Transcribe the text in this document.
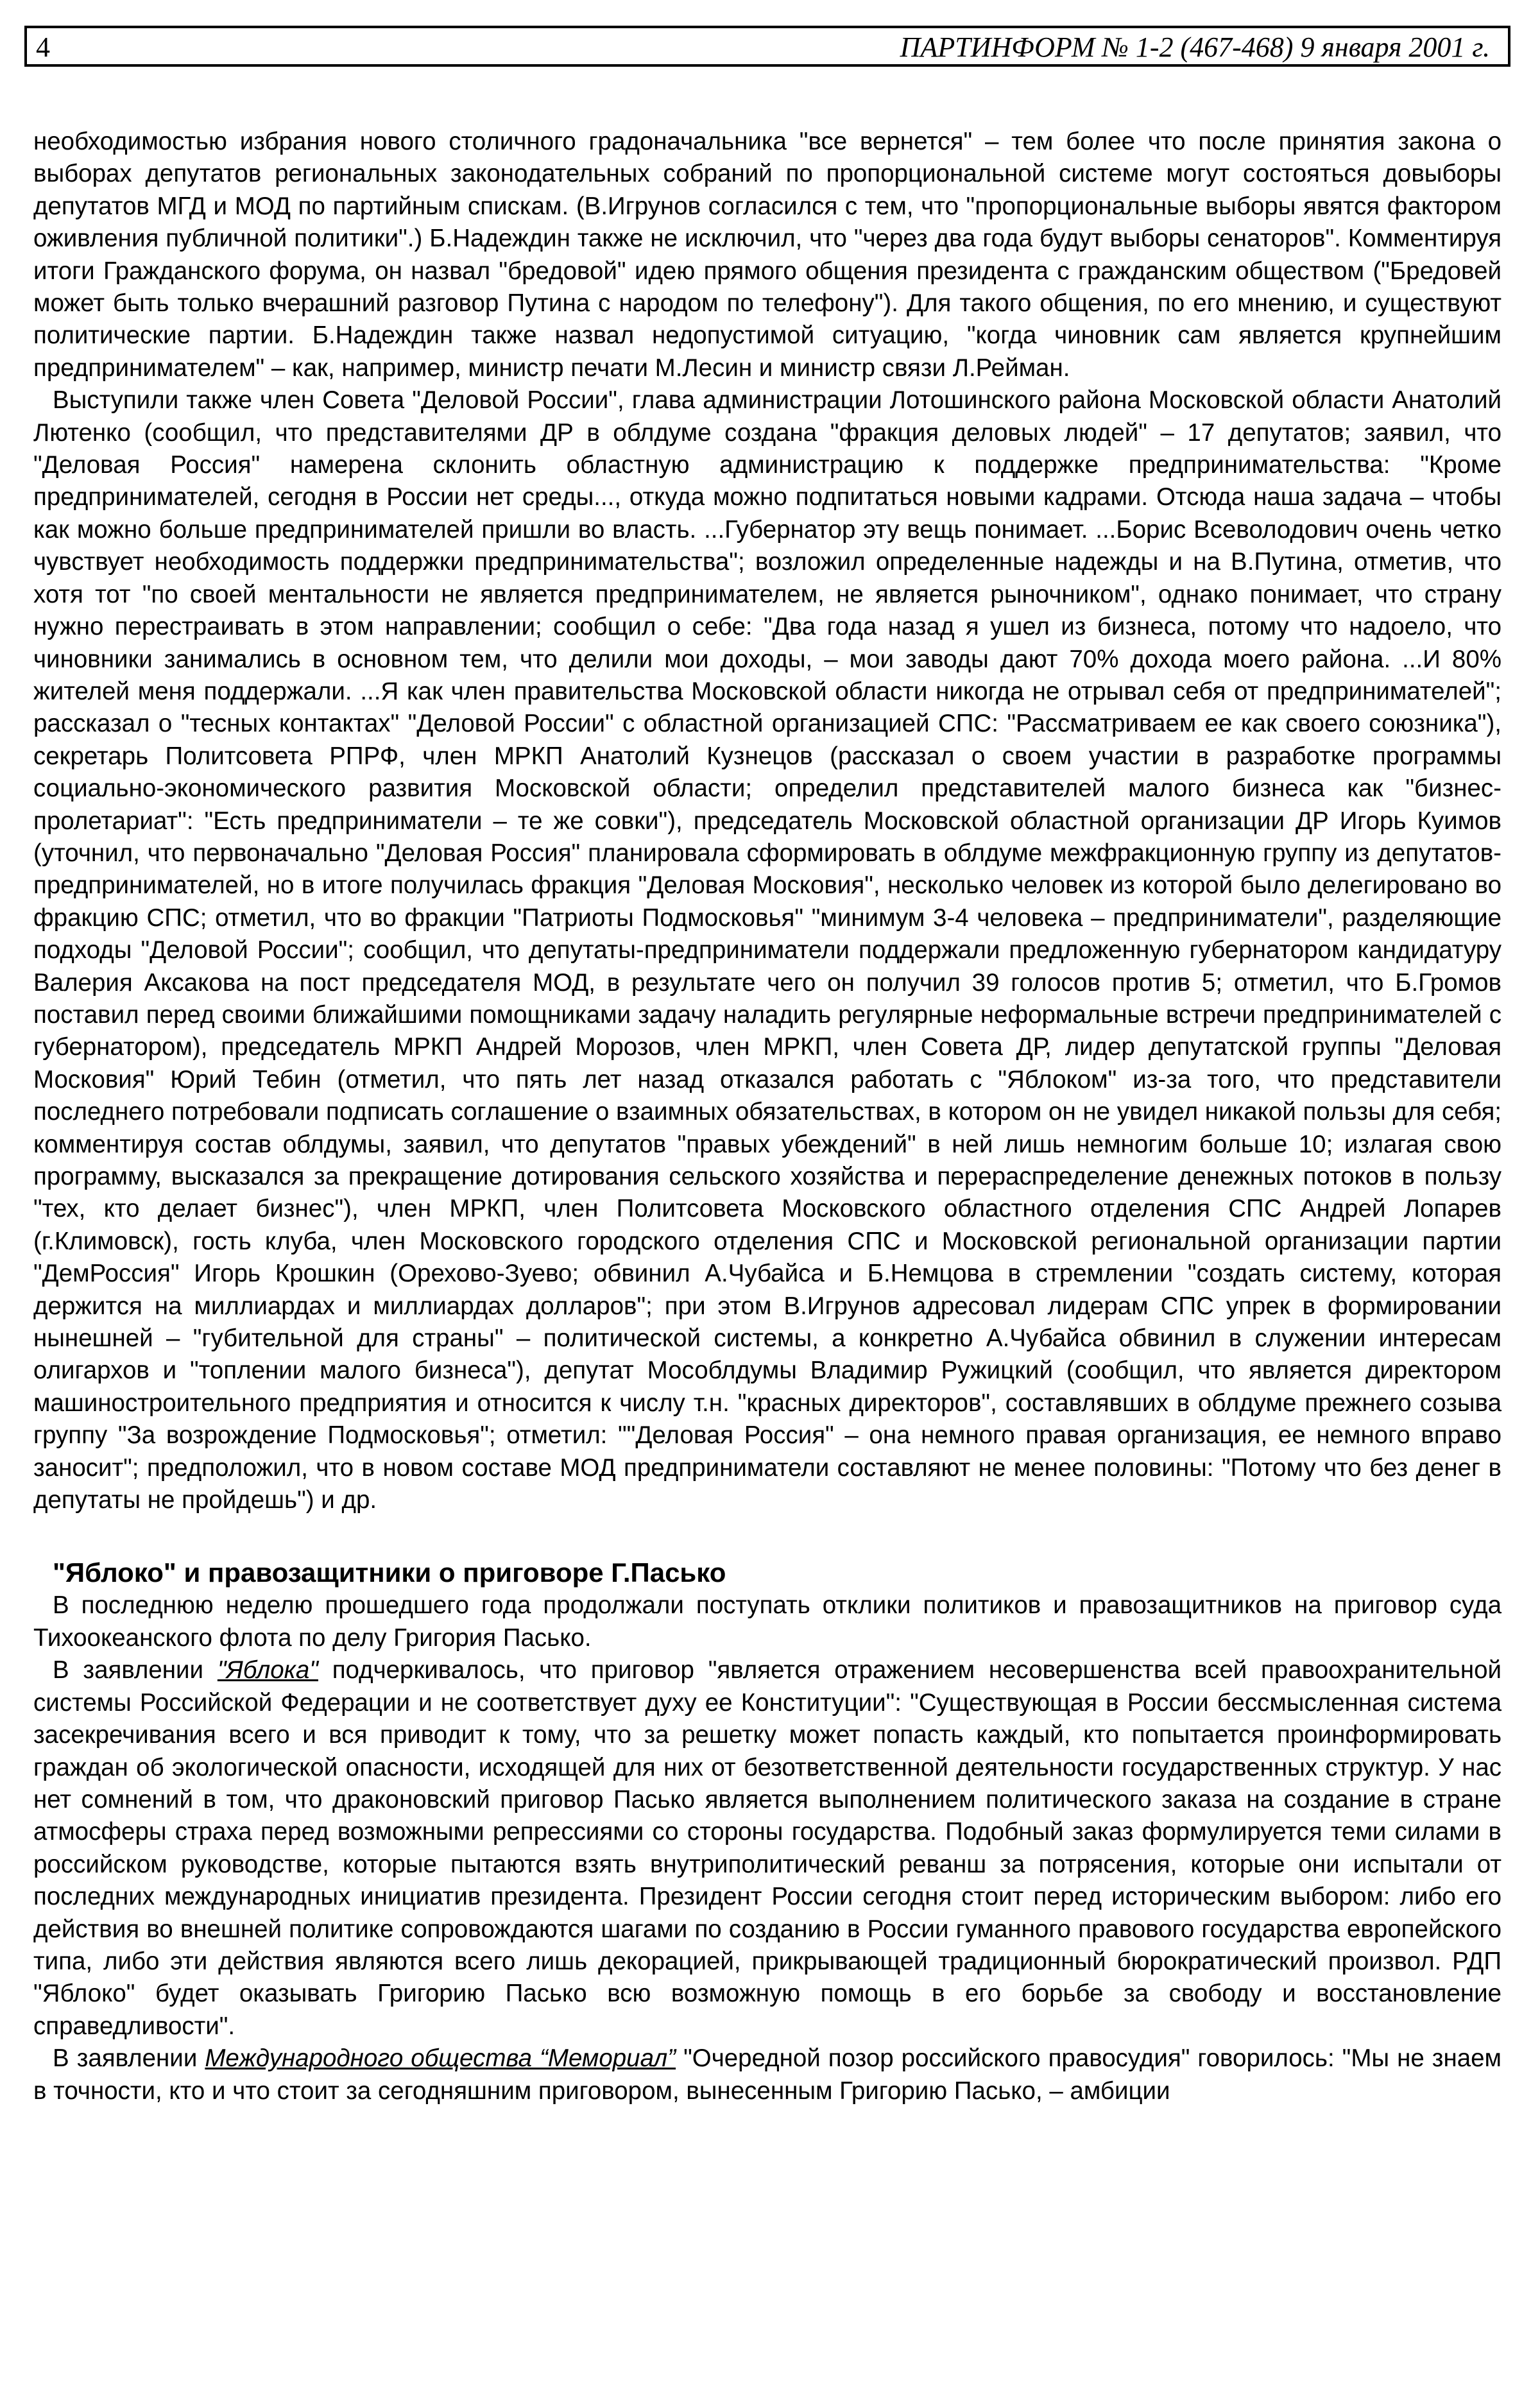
4	ПАРТИНФОРМ № 1-2 (467-468) 9 января 2001 г.

необходимостью избрания нового столичного градоначальника "все вернется" – тем более что после принятия закона о выборах депутатов региональных законодательных собраний по пропорциональной системе могут состояться довыборы депутатов МГД и МОД по партийным спискам. (В.Игрунов согласился с тем, что "пропорциональные выборы явятся фактором оживления публичной политики".) Б.Надеждин также не исключил, что "через два года будут выборы сенаторов". Комментируя итоги Гражданского форума, он назвал "бредовой" идею прямого общения президента с гражданским обществом ("Бредовей может быть только вчерашний разговор Путина с народом по телефону"). Для такого общения, по его мнению, и существуют политические партии. Б.Надеждин также назвал недопустимой ситуацию, "когда чиновник сам является крупнейшим предпринимателем" – как, например, министр печати М.Лесин и министр связи Л.Рейман.

Выступили также член Совета "Деловой России", глава администрации Лотошинского района Московской области Анатолий Лютенко (сообщил, что представителями ДР в облдуме создана "фракция деловых людей" – 17 депутатов; заявил, что "Деловая Россия" намерена склонить областную администрацию к поддержке предпринимательства: "Кроме предпринимателей, сегодня в России нет среды..., откуда можно подпитаться новыми кадрами. Отсюда наша задача – чтобы как можно больше предпринимателей пришли во власть. ...Губернатор эту вещь понимает. ...Борис Всеволодович очень четко чувствует необходимость поддержки предпринимательства"; возложил определенные надежды и на В.Путина, отметив, что хотя тот "по своей ментальности не является предпринимателем, не является рыночником", однако понимает, что страну нужно перестраивать в этом направлении; сообщил о себе: "Два года назад я ушел из бизнеса, потому что надоело, что чиновники занимались в основном тем, что делили мои доходы, – мои заводы дают 70% дохода моего района. ...И 80% жителей меня поддержали. ...Я как член правительства Московской области никогда не отрывал себя от предпринимателей"; рассказал о "тесных контактах" "Деловой России" с областной организацией СПС: "Рассматриваем ее как своего союзника"), секретарь Политсовета РПРФ, член МРКП Анатолий Кузнецов (рассказал о своем участии в разработке программы социально-экономического развития Московской области; определил представителей малого бизнеса как "бизнес-пролетариат": "Есть предприниматели – те же совки"), председатель Московской областной организации ДР Игорь Куимов (уточнил, что первоначально "Деловая Россия" планировала сформировать в облдуме межфракционную группу из депутатов-предпринимателей, но в итоге получилась фракция "Деловая Московия", несколько человек из которой было делегировано во фракцию СПС; отметил, что во фракции "Патриоты Подмосковья" "минимум 3-4 человека – предприниматели", разделяющие подходы "Деловой России"; сообщил, что депутаты-предприниматели поддержали предложенную губернатором кандидатуру Валерия Аксакова на пост председателя МОД, в результате чего он получил 39 голосов против 5; отметил, что Б.Громов поставил перед своими ближайшими помощниками задачу наладить регулярные неформальные встречи предпринимателей с губернатором), председатель МРКП Андрей Морозов, член МРКП, член Совета ДР, лидер депутатской группы "Деловая Московия" Юрий Тебин (отметил, что пять лет назад отказался работать с "Яблоком" из-за того, что представители последнего потребовали подписать соглашение о взаимных обязательствах, в котором он не увидел никакой пользы для себя; комментируя состав облдумы, заявил, что депутатов "правых убеждений" в ней лишь немногим больше 10; излагая свою программу, высказался за прекращение дотирования сельского хозяйства и перераспределение денежных потоков в пользу "тех, кто делает бизнес"), член МРКП, член Политсовета Московского областного отделения СПС Андрей Лопарев (г.Климовск), гость клуба, член Московского городского отделения СПС и Московской региональной организации партии "ДемРоссия" Игорь Крошкин (Орехово-Зуево; обвинил А.Чубайса и Б.Немцова в стремлении "создать систему, которая держится на миллиардах и миллиардах долларов"; при этом В.Игрунов адресовал лидерам СПС упрек в формировании нынешней – "губительной для страны" – политической системы, а конкретно А.Чубайса обвинил в служении интересам олигархов и "топлении малого бизнеса"), депутат Мособлдумы Владимир Ружицкий (сообщил, что является директором машиностроительного предприятия и относится к числу т.н. "красных директоров", составлявших в облдуме прежнего созыва группу "За возрождение Подмосковья"; отметил: ""Деловая Россия" – она немного правая организация, ее немного вправо заносит"; предположил, что в новом составе МОД предприниматели составляют не менее половины: "Потому что без денег в депутаты не пройдешь") и др.

"Яблоко" и правозащитники о приговоре Г.Пасько

В последнюю неделю прошедшего года продолжали поступать отклики политиков и правозащитников на приговор суда Тихоокеанского флота по делу Григория Пасько.

В заявлении "Яблока" подчеркивалось, что приговор "является отражением несовершенства всей правоохранительной системы Российской Федерации и не соответствует духу ее Конституции": "Существующая в России бессмысленная система засекречивания всего и вся приводит к тому, что за решетку может попасть каждый, кто попытается проинформировать граждан об экологической опасности, исходящей для них от безответственной деятельности государственных структур. У нас нет сомнений в том, что драконовский приговор Пасько является выполнением политического заказа на создание в стране атмосферы страха перед возможными репрессиями со стороны государства. Подобный заказ формулируется теми силами в российском руководстве, которые пытаются взять внутриполитический реванш за потрясения, которые они испытали от последних международных инициатив президента. Президент России сегодня стоит перед историческим выбором: либо его действия во внешней политике сопровождаются шагами по созданию в России гуманного правового государства европейского типа, либо эти действия являются всего лишь декорацией, прикрывающей традиционный бюрократический произвол. РДП "Яблоко" будет оказывать Григорию Пасько всю возможную помощь в его борьбе за свободу и восстановление справедливости".

В заявлении Международного общества “Мемориал” "Очередной позор российского правосудия" говорилось: "Мы не знаем в точности, кто и что стоит за сегодняшним приговором, вынесенным Григорию Пасько, – амбиции
